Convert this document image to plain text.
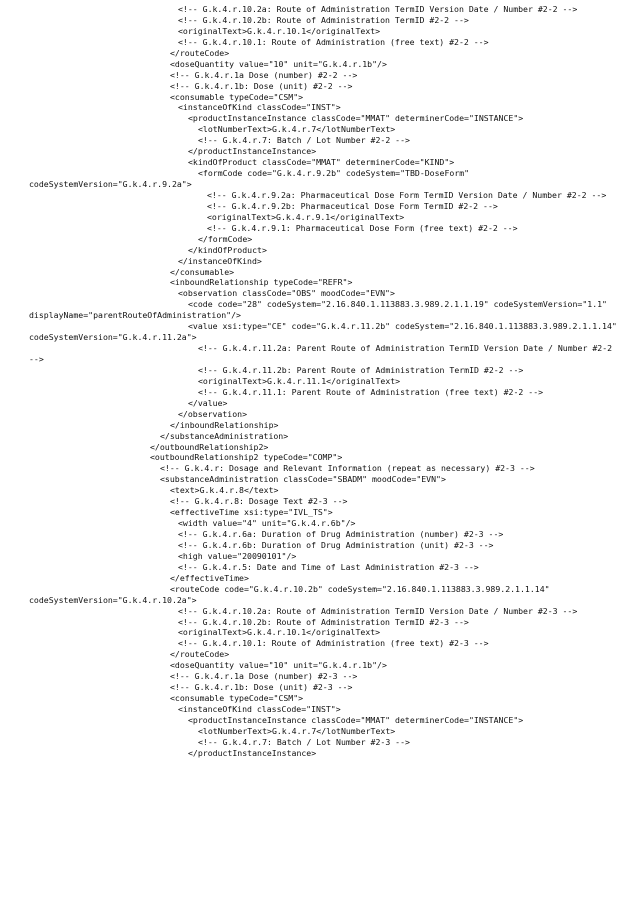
<!-- G.k.4.r.10.2a: Route of Administration TermID Version Date / Number #2-2 -->
<!-- G.k.4.r.10.2b: Route of Administration TermID #2-2 -->
<originalText>G.k.4.r.10.1</originalText>
<!-- G.k.4.r.10.1: Route of Administration (free text) #2-2 -->
</routeCode>
<doseQuantity value="10" unit="G.k.4.r.1b"/>
<!-- G.k.4.r.1a Dose (number) #2-2 -->
<!-- G.k.4.r.1b: Dose (unit) #2-2 -->
<consumable typeCode="CSM">
<instanceOfKind classCode="INST">
<productInstanceInstance classCode="MMAT" determinerCode="INSTANCE">
<lotNumberText>G.k.4.r.7</lotNumberText>
<!-- G.k.4.r.7: Batch / Lot Number #2-2 -->
</productInstanceInstance>
<kindOfProduct classCode="MMAT" determinerCode="KIND">
<formCode code="G.k.4.r.9.2b" codeSystem="TBD-DoseForm"
codeSystemVersion="G.k.4.r.9.2a">
<!-- G.k.4.r.9.2a: Pharmaceutical Dose Form TermID Version Date / Number #2-2 -->
<!-- G.k.4.r.9.2b: Pharmaceutical Dose Form TermID #2-2 -->
<originalText>G.k.4.r.9.1</originalText>
<!-- G.k.4.r.9.1: Pharmaceutical Dose Form (free text) #2-2 -->
</formCode>
</kindOfProduct>
</instanceOfKind>
</consumable>
<inboundRelationship typeCode="REFR">
<observation classCode="OBS" moodCode="EVN">
<code code="28" codeSystem="2.16.840.1.113883.3.989.2.1.1.19" codeSystemVersion="1.1"
displayName="parentRouteOfAdministration"/>
<value xsi:type="CE" code="G.k.4.r.11.2b" codeSystem="2.16.840.1.113883.3.989.2.1.1.14"
codeSystemVersion="G.k.4.r.11.2a">
<!-- G.k.4.r.11.2a: Parent Route of Administration TermID Version Date / Number #2-2
-->
<!-- G.k.4.r.11.2b: Parent Route of Administration TermID #2-2 -->
<originalText>G.k.4.r.11.1</originalText>
<!-- G.k.4.r.11.1: Parent Route of Administration (free text) #2-2 -->
</value>
</observation>
</inboundRelationship>
</substanceAdministration>
</outboundRelationship2>
<outboundRelationship2 typeCode="COMP">
<!-- G.k.4.r: Dosage and Relevant Information (repeat as necessary) #2-3 -->
<substanceAdministration classCode="SBADM" moodCode="EVN">
<text>G.k.4.r.8</text>
<!-- G.k.4.r.8: Dosage Text #2-3 -->
<effectiveTime xsi:type="IVL_TS">
<width value="4" unit="G.k.4.r.6b"/>
<!-- G.k.4.r.6a: Duration of Drug Administration (number) #2-3 -->
<!-- G.k.4.r.6b: Duration of Drug Administration (unit) #2-3 -->
<high value="20090101"/>
<!-- G.k.4.r.5: Date and Time of Last Administration #2-3 -->
</effectiveTime>
<routeCode code="G.k.4.r.10.2b" codeSystem="2.16.840.1.113883.3.989.2.1.1.14"
codeSystemVersion="G.k.4.r.10.2a">
<!-- G.k.4.r.10.2a: Route of Administration TermID Version Date / Number #2-3 -->
<!-- G.k.4.r.10.2b: Route of Administration TermID #2-3 -->
<originalText>G.k.4.r.10.1</originalText>
<!-- G.k.4.r.10.1: Route of Administration (free text) #2-3 -->
</routeCode>
<doseQuantity value="10" unit="G.k.4.r.1b"/>
<!-- G.k.4.r.1a Dose (number) #2-3 -->
<!-- G.k.4.r.1b: Dose (unit) #2-3 -->
<consumable typeCode="CSM">
<instanceOfKind classCode="INST">
<productInstanceInstance classCode="MMAT" determinerCode="INSTANCE">
<lotNumberText>G.k.4.r.7</lotNumberText>
<!-- G.k.4.r.7: Batch / Lot Number #2-3 -->
</productInstanceInstance>
